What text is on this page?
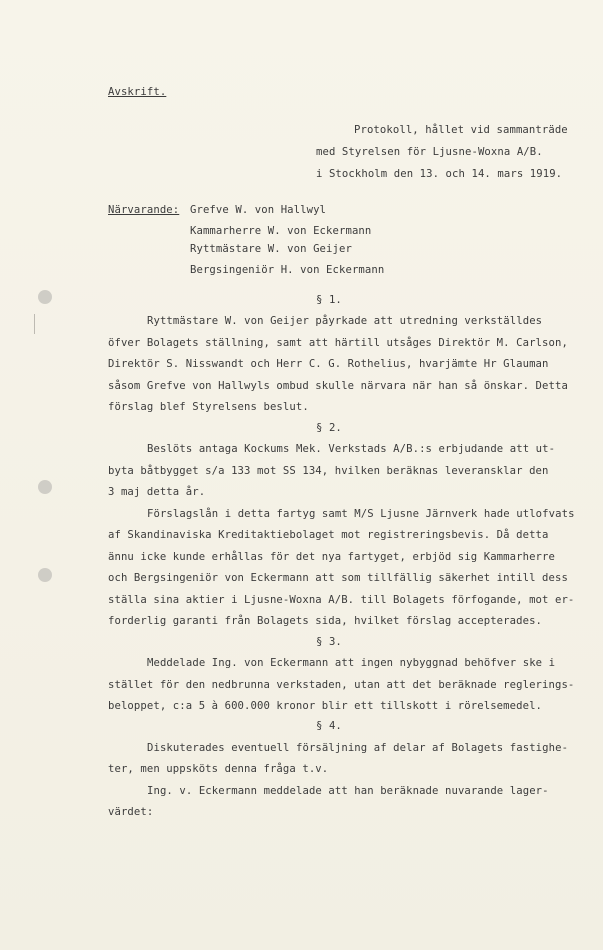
Avskrift.
Protokoll, hållet vid sammanträde
med Styrelsen för Ljusne-Woxna A/B.
i Stockholm den 13. och 14. mars 1919.
Närvarande: Grefve W. von Hallwyl
Kammarherre W. von Eckermann
Ryttmästare W. von Geijer
Bergsingeniör H. von Eckermann
§ 1.
Ryttmästare W. von Geijer påyrkade att utredning verkställdes
öfver Bolagets ställning, samt att härtill utsåges Direktör M. Carlson,
Direktör S. Nisswandt och Herr C. G. Rothelius, hvarjämte Hr Glauman
såsom Grefve von Hallwyls ombud skulle närvara när han så önskar. Detta
förslag blef Styrelsens beslut.
§ 2.
Beslöts antaga Kockums Mek. Verkstads A/B.:s erbjudande att ut-
byta båtbygget s/a 133 mot SS 134, hvilken beräknas leveransklar den
3 maj detta år.
Förslagslån i detta fartyg samt M/S Ljusne Järnverk hade utlofvats
af Skandinaviska Kreditaktiebolaget mot registreringsbevis. Då detta
ännu icke kunde erhållas för det nya fartyget, erbjöd sig Kammarherre
och Bergsingeniör von Eckermann att som tillfällig säkerhet intill dess
ställa sina aktier i Ljusne-Woxna A/B. till Bolagets förfogande, mot er-
forderlig garanti från Bolagets sida, hvilket förslag accepterades.
§ 3.
Meddelade Ing. von Eckermann att ingen nybyggnad behöfver ske i
stället för den nedbrunna verkstaden, utan att det beräknade reglerings-
beloppet, c:a 5 à 600.000 kronor blir ett tillskott i rörelsemedel.
§ 4.
Diskuterades eventuell försäljning af delar af Bolagets fastighe-
ter, men uppsköts denna fråga t.v.
Ing. v. Eckermann meddelade att han beräknade nuvarande lager-
värdet:
